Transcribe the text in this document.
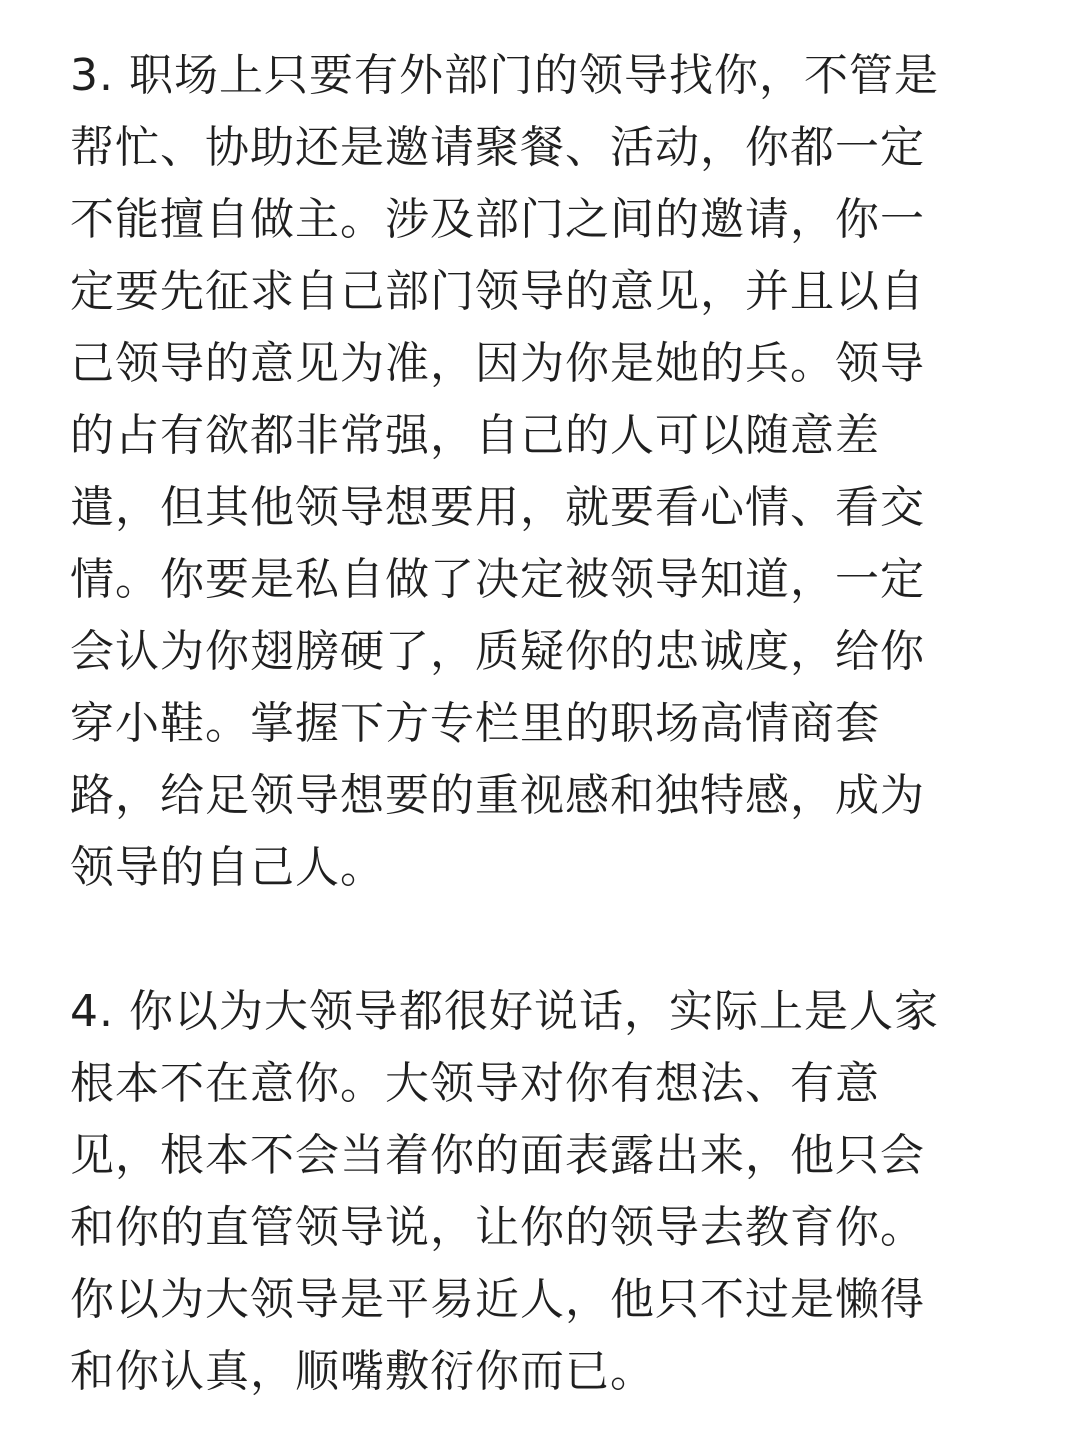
3. 职场上只要有外部门的领导找你，不管是
帮忙、协助还是邀请聚餐、活动，你都一定
不能擅自做主。涉及部门之间的邀请，你一
定要先征求自己部门领导的意见，并且以自
己领导的意见为准，因为你是她的兵。领导
的占有欲都非常强，自己的人可以随意差
遣，但其他领导想要用，就要看心情、看交
情。你要是私自做了决定被领导知道，一定
会认为你翅膀硬了，质疑你的忠诚度，给你
穿小鞋。掌握下方专栏里的职场高情商套
路，给足领导想要的重视感和独特感，成为
领导的自己人。
4. 你以为大领导都很好说话，实际上是人家
根本不在意你。大领导对你有想法、有意
见，根本不会当着你的面表露出来，他只会
和你的直管领导说，让你的领导去教育你。
你以为大领导是平易近人，他只不过是懒得
和你认真，顺嘴敷衍你而已。
